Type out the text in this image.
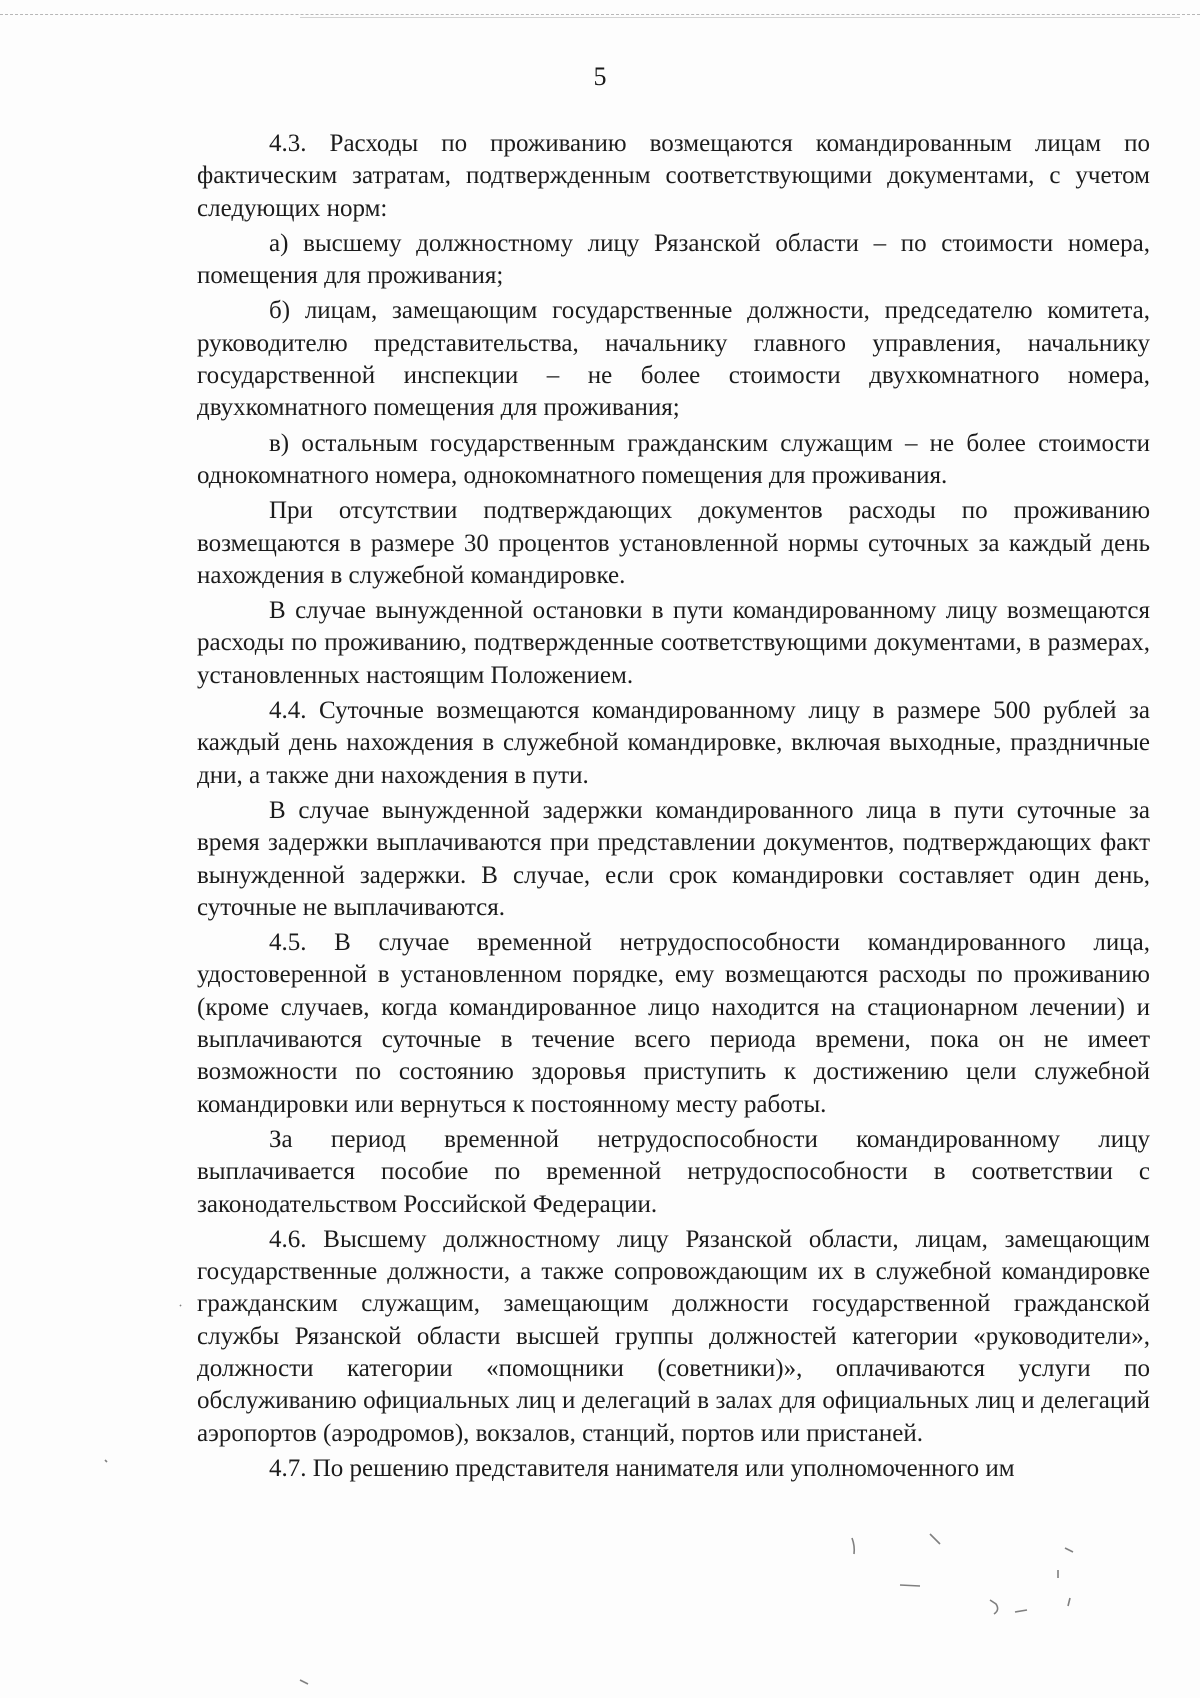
5

4.3. Расходы по проживанию возмещаются командированным лицам по фактическим затратам, подтвержденным соответствующими документами, с учетом следующих норм:

а) высшему должностному лицу Рязанской области – по стоимости номера, помещения для проживания;

б) лицам, замещающим государственные должности, председателю комитета, руководителю представительства, начальнику главного управления, начальнику государственной инспекции – не более стоимости двухкомнатного номера, двухкомнатного помещения для проживания;

в) остальным государственным гражданским служащим – не более стоимости однокомнатного номера, однокомнатного помещения для проживания.

При отсутствии подтверждающих документов расходы по проживанию возмещаются в размере 30 процентов установленной нормы суточных за каждый день нахождения в служебной командировке.

В случае вынужденной остановки в пути командированному лицу возмещаются расходы по проживанию, подтвержденные соответствующими документами, в размерах, установленных настоящим Положением.

4.4. Суточные возмещаются командированному лицу в размере 500 рублей за каждый день нахождения в служебной командировке, включая выходные, праздничные дни, а также дни нахождения в пути.

В случае вынужденной задержки командированного лица в пути суточные за время задержки выплачиваются при представлении документов, подтверждающих факт вынужденной задержки. В случае, если срок командировки составляет один день, суточные не выплачиваются.

4.5. В случае временной нетрудоспособности командированного лица, удостоверенной в установленном порядке, ему возмещаются расходы по проживанию (кроме случаев, когда командированное лицо находится на стационарном лечении) и выплачиваются суточные в течение всего периода времени, пока он не имеет возможности по состоянию здоровья приступить к достижению цели служебной командировки или вернуться к постоянному месту работы.

За период временной нетрудоспособности командированному лицу выплачивается пособие по временной нетрудоспособности в соответствии с законодательством Российской Федерации.

4.6. Высшему должностному лицу Рязанской области, лицам, замещающим государственные должности, а также сопровождающим их в служебной командировке гражданским служащим, замещающим должности государственной гражданской службы Рязанской области высшей группы должностей категории «руководители», должности категории «помощники (советники)», оплачиваются услуги по обслуживанию официальных лиц и делегаций в залах для официальных лиц и делегаций аэропортов (аэродромов), вокзалов, станций, портов или пристаней.

4.7. По решению представителя нанимателя или уполномоченного им
